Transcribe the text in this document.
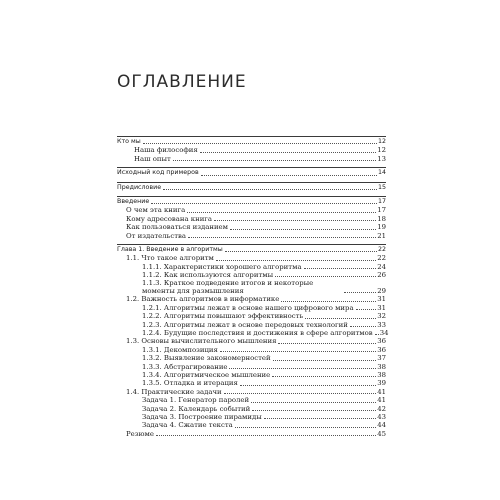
ОГЛАВЛЕНИЕ
Кто мы	12
Наша философия	12
Наш опыт	13
Исходный код примеров	14
Предисловие	15
Введение	17
О чем эта книга	17
Кому адресована книга	18
Как пользоваться изданием	19
От издательства	21
Глава 1. Введение в алгоритмы	22
1.1. Что такое алгоритм	22
1.1.1. Характеристики хорошего алгоритма	24
1.1.2. Как используются алгоритмы	26
1.1.3. Краткое подведение итогов и некоторые моменты для размышления	29
1.2. Важность алгоритмов в информатике	31
1.2.1. Алгоритмы лежат в основе нашего цифрового мира	31
1.2.2. Алгоритмы повышают эффективность	32
1.2.3. Алгоритмы лежат в основе передовых технологий	33
1.2.4. Будущие последствия и достижения в сфере алгоритмов 34
1.3. Основы вычислительного мышления	36
1.3.1. Декомпозиция	36
1.3.2. Выявление закономерностей	37
1.3.3. Абстрагирование	38
1.3.4. Алгоритмическое мышление	38
1.3.5. Отладка и итерация	39
1.4. Практические задачи	41
Задача 1. Генератор паролей	41
Задача 2. Календарь событий	42
Задача 3. Построение пирамиды	43
Задача 4. Сжатие текста	44
Резюме	45
